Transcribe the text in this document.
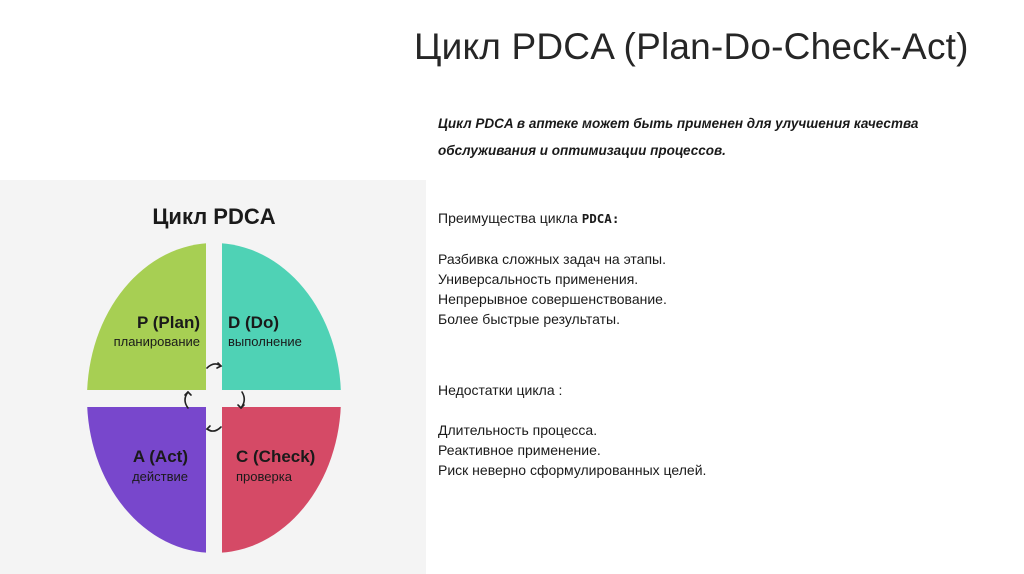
Цикл PDCA (Plan-Do-Check-Act)
Цикл PDCA в аптеке может быть применен для улучшения качества обслуживания и оптимизации процессов.
Цикл PDCA
P (Plan)
планирование
D (Do)
выполнение
A (Act)
действие
C (Check)
проверка
Преимущества цикла PDCA:
Разбивка сложных задач на этапы.
Универсальность применения.
Непрерывное совершенствование.
Более быстрые результаты.
Недостатки цикла :
Длительность процесса.
Реактивное применение.
Риск неверно сформулированных целей.
